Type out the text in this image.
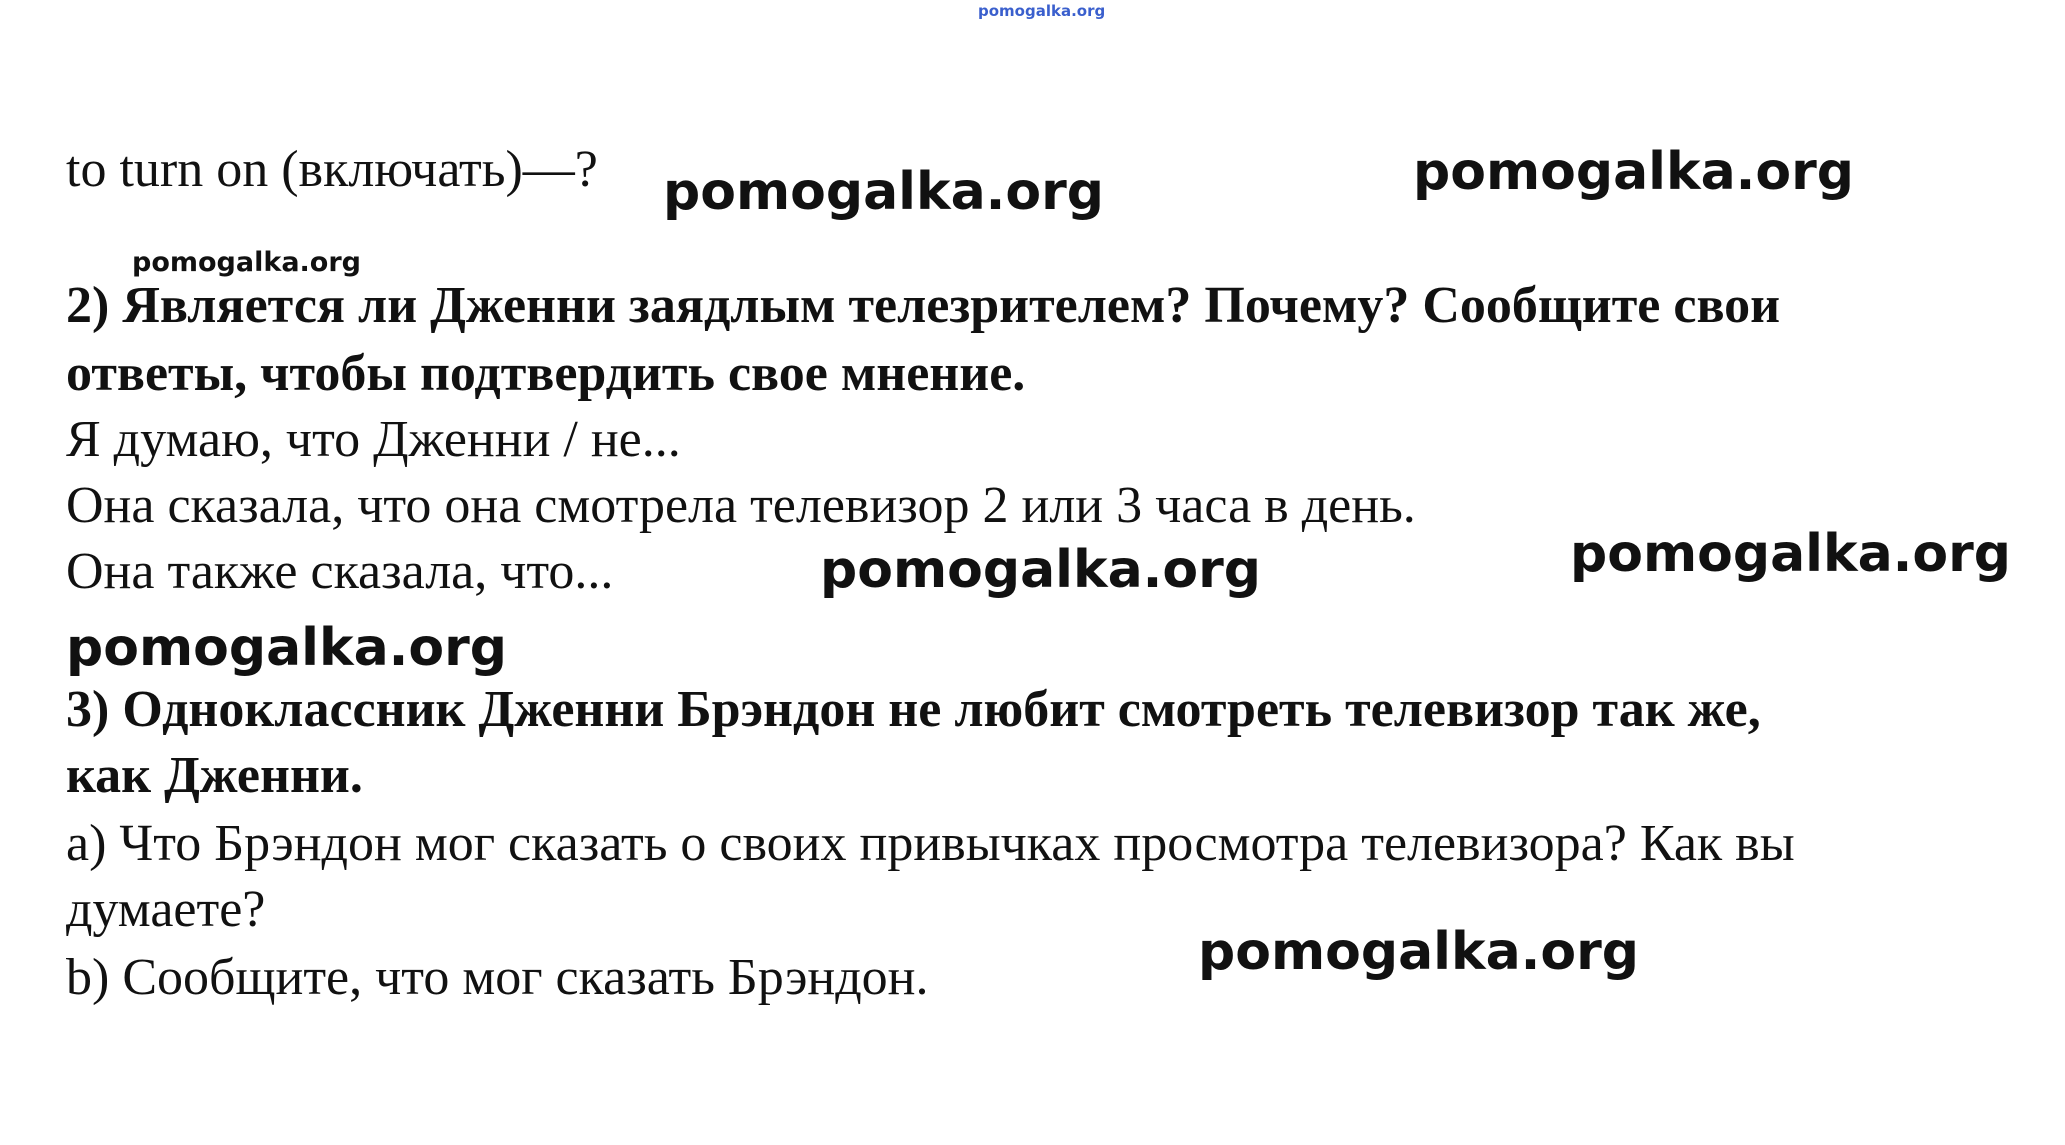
pomogalka.org
to turn on (включать)—? pomogalka.org	pomogalka.org
pomogalka.org
2) Является ли Дженни заядлым телезрителем? Почему? Сообщите свои
ответы, чтобы подтвердить свое мнение.
Я думаю, что Дженни / не...
Она сказала, что она смотрела телевизор 2 или 3 часа в день.
Она также сказала, что...	pomogalka.org	pomogalka.org
pomogalka.org
3) Одноклассник Дженни Брэндон не любит смотреть телевизор так же,
как Дженни.
a) Что Брэндон мог сказать о своих привычках просмотра телевизора? Как вы
думаете?
b) Сообщите, что мог сказать Брэндон.	pomogalka.org
